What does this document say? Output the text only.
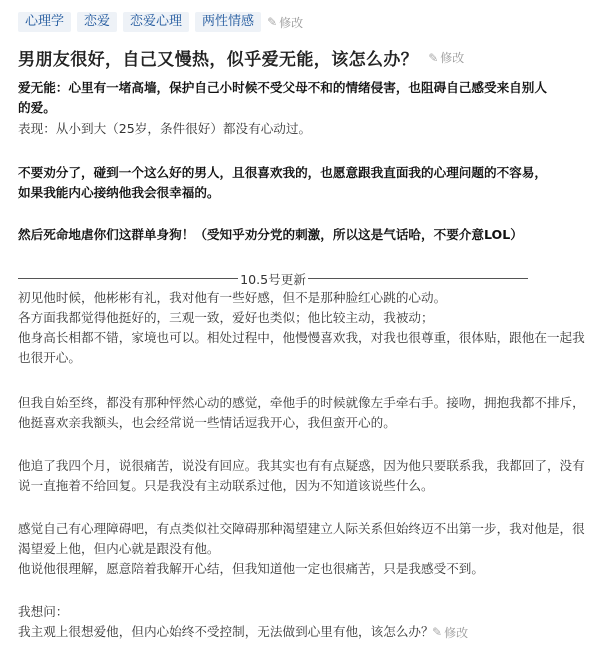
心理学	恋爱	恋爱心理	两性情感	✎ 修改
男朋友很好，自己又慢热，似乎爱无能，该怎么办？ ✎ 修改
爱无能：心里有一堵高墙，保护自己小时候不受父母不和的情绪侵害，也阻碍自己感受来自别人
的爱。
表现：从小到大（25岁，条件很好）都没有心动过。
不要劝分了，碰到一个这么好的男人，且很喜欢我的，也愿意跟我直面我的心理问题的不容易，
如果我能内心接纳他我会很幸福的。
然后死命地虐你们这群单身狗！（受知乎劝分党的刺激，所以这是气话哈，不要介意LOL）
10.5号更新
初见他时候，他彬彬有礼，我对他有一些好感，但不是那种脸红心跳的心动。
各方面我都觉得他挺好的，三观一致，爱好也类似；他比较主动，我被动；
他身高长相都不错，家境也可以。相处过程中，他慢慢喜欢我，对我也很尊重，很体贴，跟他在一起我
也很开心。
但我自始至终，都没有那种怦然心动的感觉，牵他手的时候就像左手牵右手。接吻，拥抱我都不排斥，
他挺喜欢亲我额头，也会经常说一些情话逗我开心，我但蛮开心的。
他追了我四个月，说很痛苦，说没有回应。我其实也有有点疑惑，因为他只要联系我，我都回了，没有
说一直拖着不给回复。只是我没有主动联系过他，因为不知道该说些什么。
感觉自己有心理障碍吧，有点类似社交障碍那种渴望建立人际关系但始终迈不出第一步，我对他是，很
渴望爱上他，但内心就是跟没有他。
他说他很理解，愿意陪着我解开心结，但我知道他一定也很痛苦，只是我感受不到。
我想问：
我主观上很想爱他，但内心始终不受控制，无法做到心里有他，该怎么办？
✎ 修改
